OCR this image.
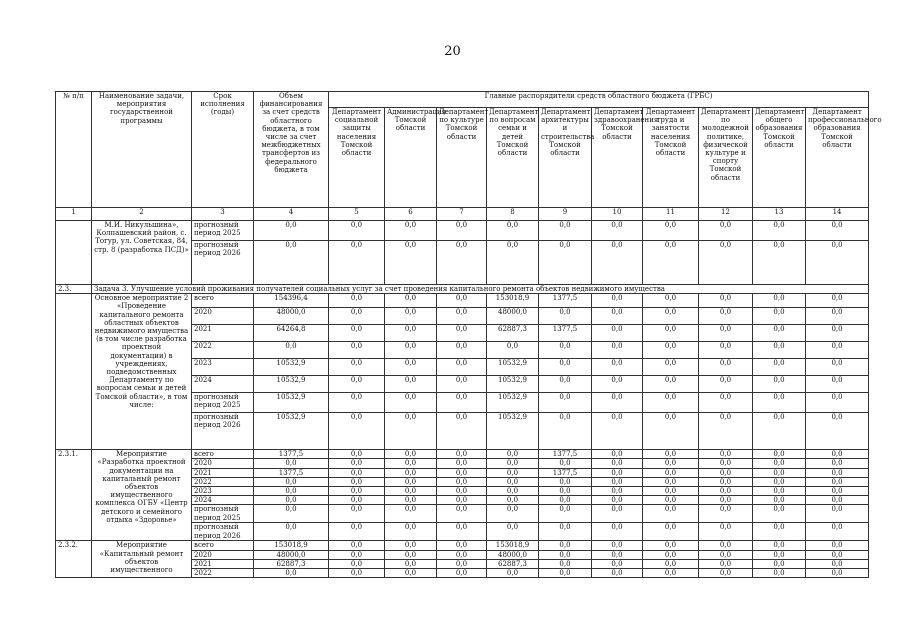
20
№ п/п	Наименование задачи, мероприятия государственной программы	Срок исполнения (годы)	Объем финансирования за счет средств областного бюджета, в том числе за счет межбюджетных трансфертов из федерального бюджета	Главные распорядители средств областного бюджета (ГРБС)									
				Департамент социальной защиты населения Томской области	Администрация Томской области	Департамент по культуре Томской области	Департамент по вопросам семьи и детей Томской области	Департамент архитектуры и строительства Томской области	Департамент здравоохранения Томской области	Департамент труда и занятости населения Томской области	Департамент по молодежной политике, физической культуре и спорту Томской области	Департамент общего образования Томской области	Департамент профессионального образования Томской области
1	2	3	4	5	6	7	8	9	10	11	12	13	14
	М.И. Никульшина», Колпашевский район, с. Тогур, ул. Советская, 84, стр. 8 (разработка ПСД)»	прогнозный период 2025	0,0	0,0	0,0	0,0	0,0	0,0	0,0	0,0	0,0	0,0	0,0
		прогнозный период 2026	0,0	0,0	0,0	0,0	0,0	0,0	0,0	0,0	0,0	0,0	0,0
2.3.	Задача 3. Улучшение условий проживания получателей социальных услуг за счет проведения капитального ремонта объектов недвижимого имущества												
	Основное мероприятие 2 «Проведение капитального ремонта областных объектов недвижимого имущества (в том числе разработка проектной документации) в учреждениях, подведомственных Департаменту по вопросам семьи и детей Томской области», в том числе:	всего	154396,4	0,0	0,0	0,0	153018,9	1377,5	0,0	0,0	0,0	0,0	0,0
		2020	48000,0	0,0	0,0	0,0	48000,0	0,0	0,0	0,0	0,0	0,0	0,0
		2021	64264,8	0,0	0,0	0,0	62887,3	1377,5	0,0	0,0	0,0	0,0	0,0
		2022	0,0	0,0	0,0	0,0	0,0	0,0	0,0	0,0	0,0	0,0	0,0
		2023	10532,9	0,0	0,0	0,0	10532,9	0,0	0,0	0,0	0,0	0,0	0,0
		2024	10532,9	0,0	0,0	0,0	10532,9	0,0	0,0	0,0	0,0	0,0	0,0
		прогнозный период 2025	10532,9	0,0	0,0	0,0	10532,9	0,0	0,0	0,0	0,0	0,0	0,0
		прогнозный период 2026	10532,9	0,0	0,0	0,0	10532,9	0,0	0,0	0,0	0,0	0,0	0,0
2.3.1.	Мероприятие «Разработка проектной документации на капитальный ремонт объектов имущественного комплекса ОГБУ «Центр детского и семейного отдыха «Здоровье»	всего	1377,5	0,0	0,0	0,0	0,0	1377,5	0,0	0,0	0,0	0,0	0,0
		2020	0,0	0,0	0,0	0,0	0,0	0,0	0,0	0,0	0,0	0,0	0,0
		2021	1377,5	0,0	0,0	0,0	0,0	1377,5	0,0	0,0	0,0	0,0	0,0
		2022	0,0	0,0	0,0	0,0	0,0	0,0	0,0	0,0	0,0	0,0	0,0
		2023	0,0	0,0	0,0	0,0	0,0	0,0	0,0	0,0	0,0	0,0	0,0
		2024	0,0	0,0	0,0	0,0	0,0	0,0	0,0	0,0	0,0	0,0	0,0
		прогнозный период 2025	0,0	0,0	0,0	0,0	0,0	0,0	0,0	0,0	0,0	0,0	0,0
		прогнозный период 2026	0,0	0,0	0,0	0,0	0,0	0,0	0,0	0,0	0,0	0,0	0,0
2.3.2.	Мероприятие «Капитальный ремонт объектов имущественного	всего	153018,9	0,0	0,0	0,0	153018,9	0,0	0,0	0,0	0,0	0,0	0,0
		2020	48000,0	0,0	0,0	0,0	48000,0	0,0	0,0	0,0	0,0	0,0	0,0
		2021	62887,3	0,0	0,0	0,0	62887,3	0,0	0,0	0,0	0,0	0,0	0,0
		2022	0,0	0,0	0,0	0,0	0,0	0,0	0,0	0,0	0,0	0,0	0,0
